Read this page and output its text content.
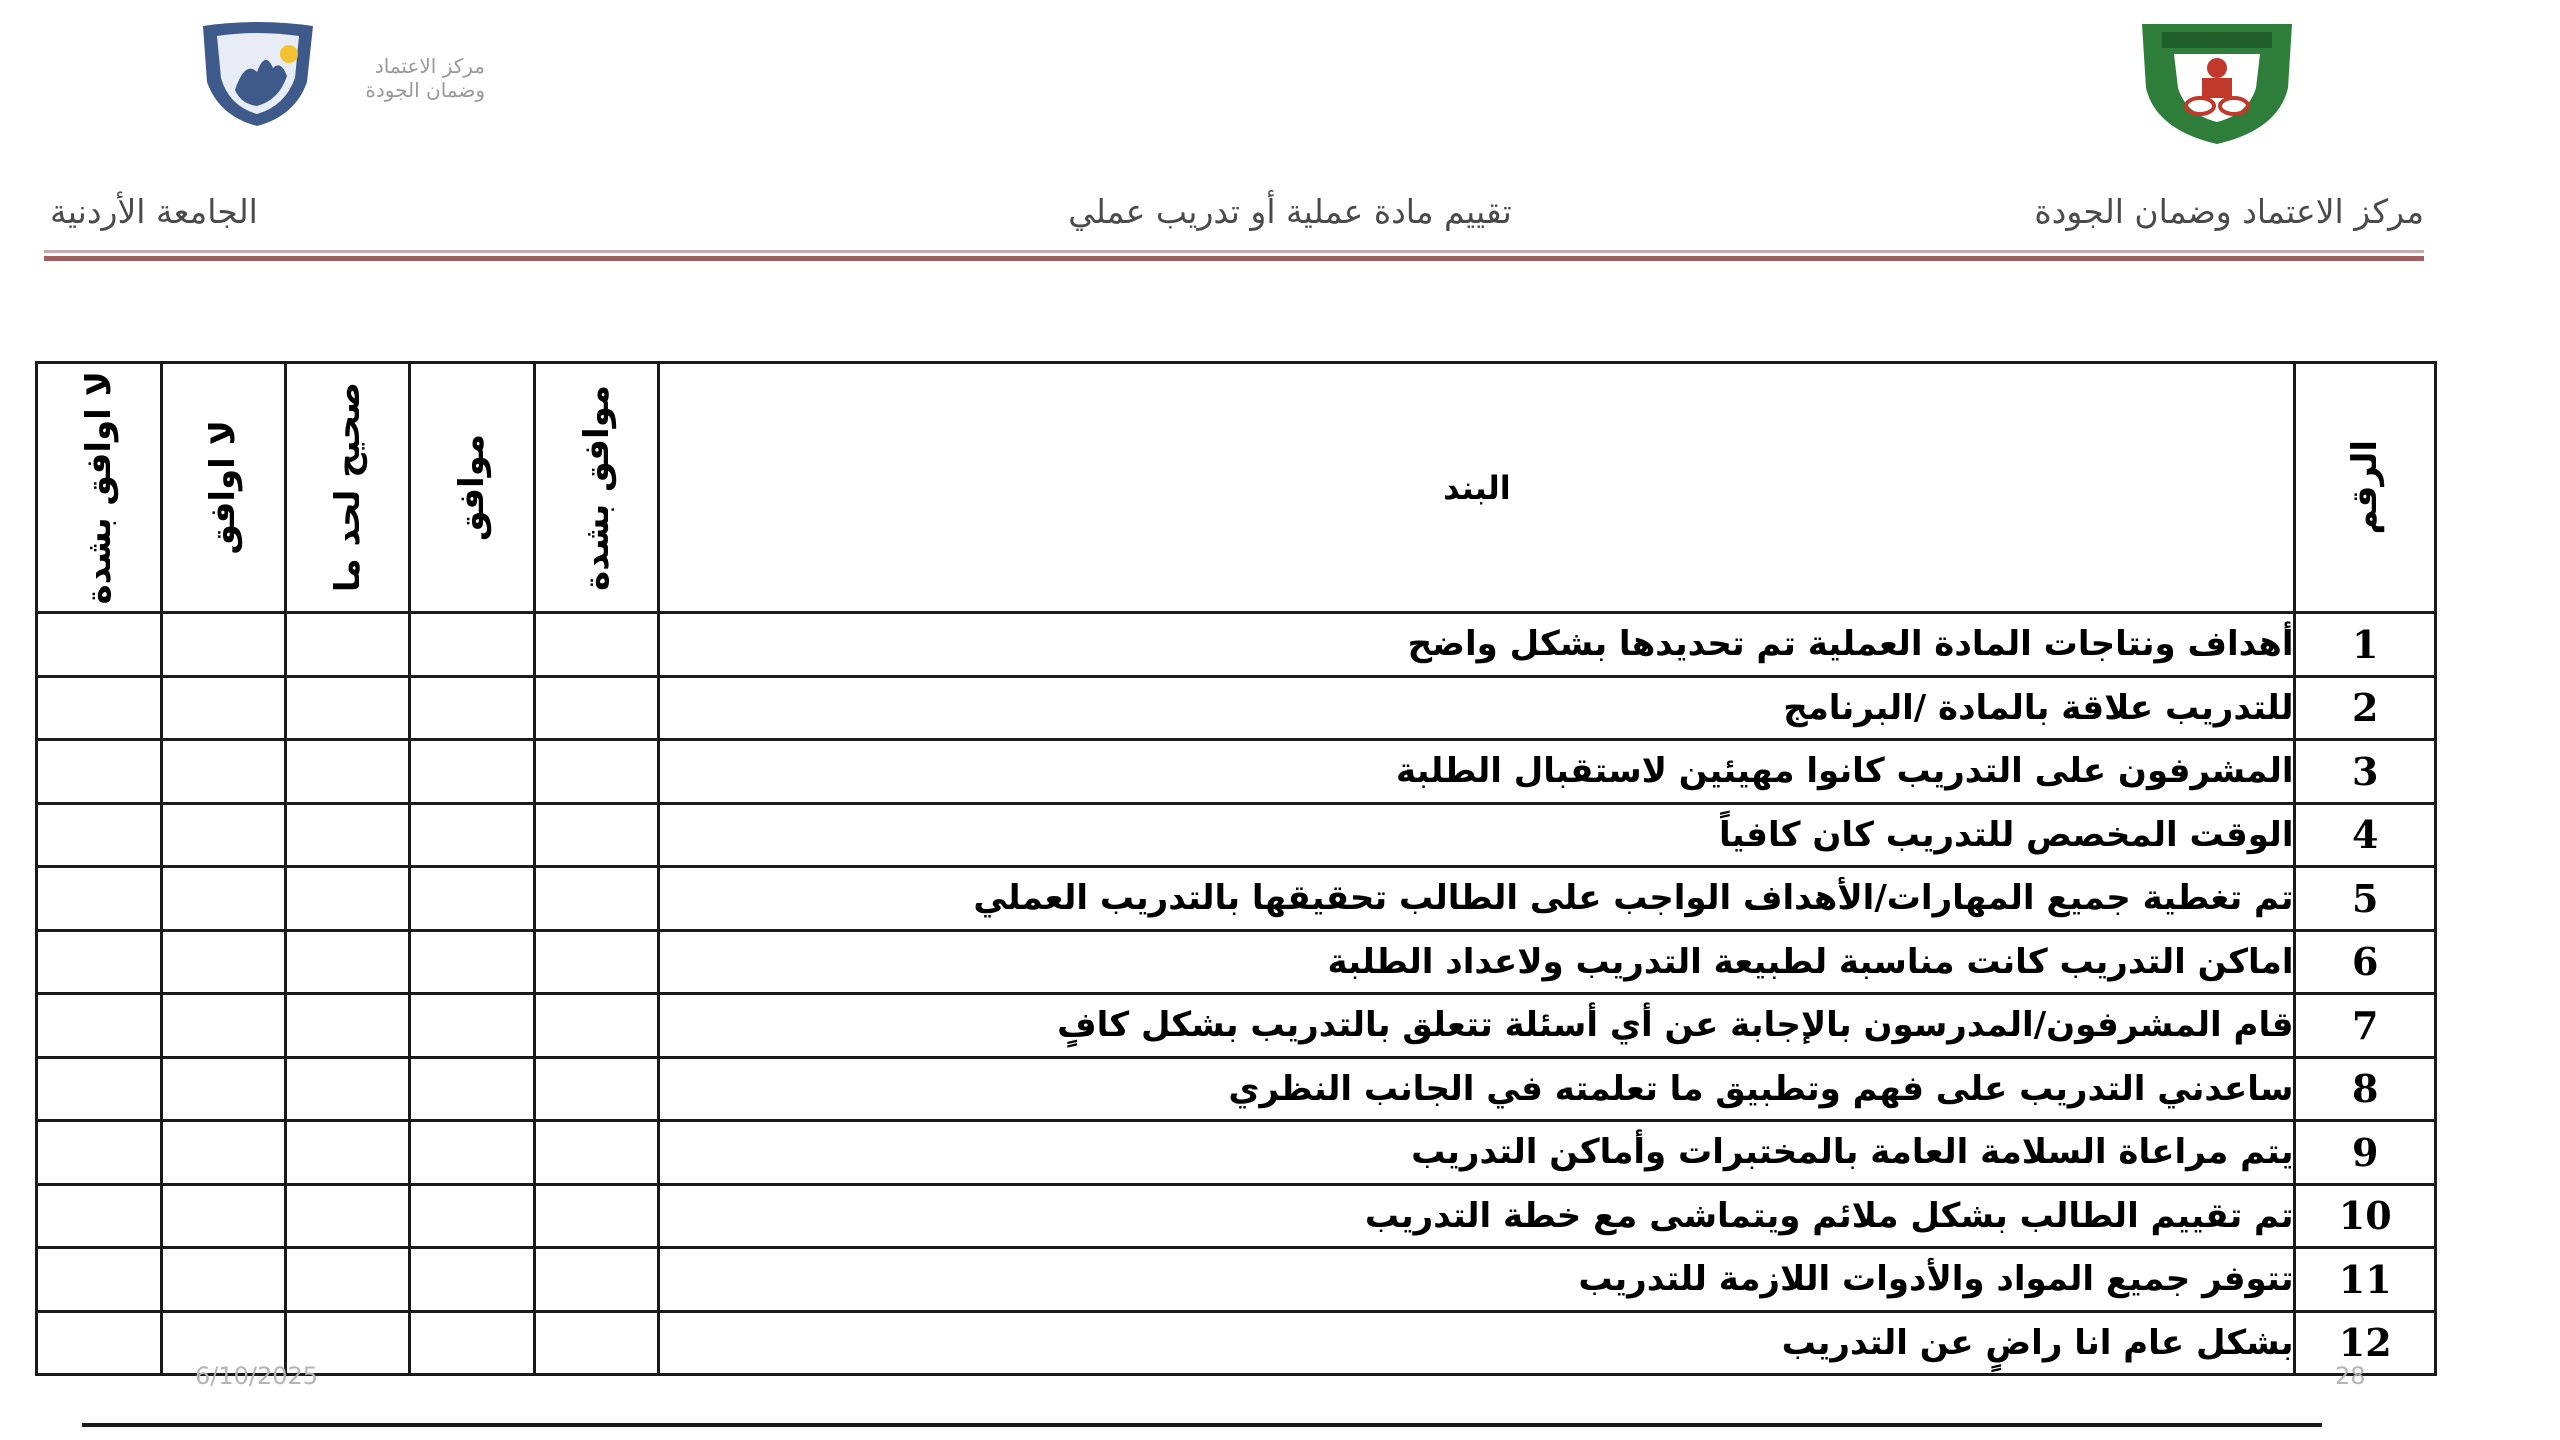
مركز الاعتماد وضمان الجودة
مركز الاعتماد وضمان الجودة
تقييم مادة عملية أو تدريب عملي
الجامعة الأردنية
الرقم	البند	موافق بشدة	موافق	صحيح لحد ما	لا اوافق	لا اوافق بشدة

1	أهداف ونتاجات المادة العملية تم تحديدها بشكل واضح					
2	للتدريب علاقة بالمادة /البرنامج					
3	المشرفون على التدريب كانوا مهيئين لاستقبال الطلبة					
4	الوقت المخصص للتدريب كان كافياً					
5	تم تغطية جميع المهارات/الأهداف الواجب على الطالب تحقيقها بالتدريب العملي					
6	اماكن التدريب كانت مناسبة لطبيعة التدريب ولاعداد الطلبة					
7	قام المشرفون/المدرسون بالإجابة عن أي أسئلة تتعلق بالتدريب بشكل كافٍ					
8	ساعدني التدريب على فهم وتطبيق ما تعلمته في الجانب النظري					
9	يتم مراعاة السلامة العامة بالمختبرات وأماكن التدريب					
10	تم تقييم الطالب بشكل ملائم ويتماشى مع خطة التدريب					
11	تتوفر جميع المواد والأدوات اللازمة للتدريب					
12	بشكل عام انا راضٍ عن التدريب					
6/10/2025	28
